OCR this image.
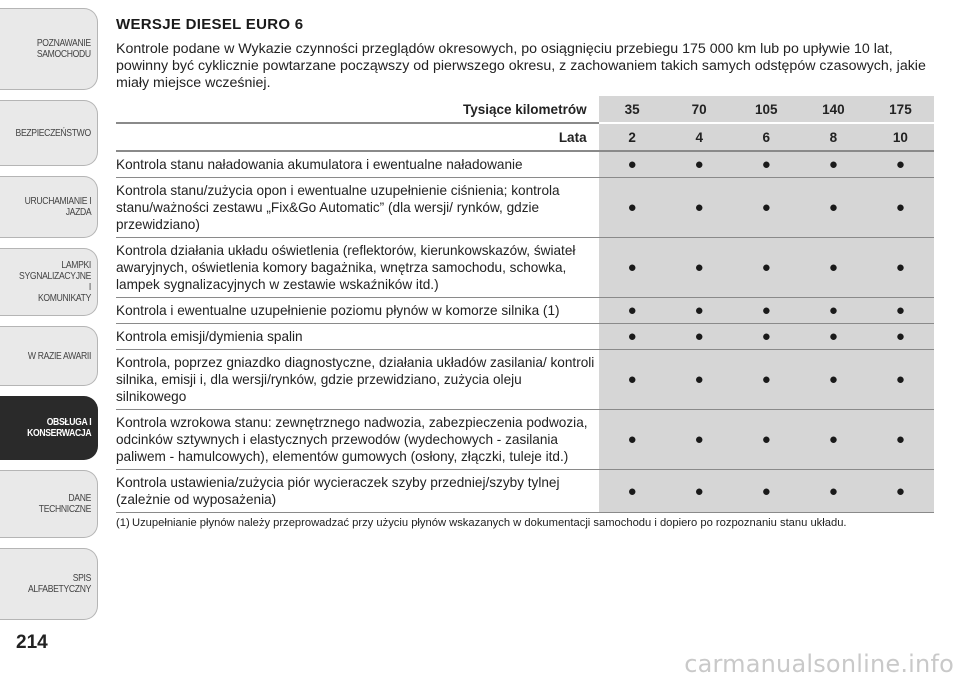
POZNAWANIE
SAMOCHODU
BEZPIECZEŃSTWO
URUCHAMIANIE I
JAZDA
LAMPKI
SYGNALIZACYJNE I
KOMUNIKATY
W RAZIE AWARII
OBSŁUGA I
KONSERWACJA
DANE TECHNICZNE
SPIS ALFABETYCZNY
214
WERSJE DIESEL EURO 6

Kontrole podane w Wykazie czynności przeglądów okresowych, po osiągnięciu przebiegu 175 000 km lub po upływie 10 lat, powinny być cyklicznie powtarzane począwszy od pierwszego okresu, z zachowaniem takich samych odstępów czasowych, jakie miały miejsce wcześniej.

Tysiące kilometrów	35	70	105	140	175
Lata	2	4	6	8	10
Kontrola stanu naładowania akumulatora i ewentualne naładowanie	●	●	●	●	●
Kontrola stanu/zużycia opon i ewentualne uzupełnienie ciśnienia; kontrola stanu/ważności zestawu „Fix&Go Automatic” (dla wersji/ rynków, gdzie przewidziano)	●	●	●	●	●
Kontrola działania układu oświetlenia (reflektorów, kierunkowskazów, świateł awaryjnych, oświetlenia komory bagażnika, wnętrza samochodu, schowka, lampek sygnalizacyjnych w zestawie wskaźników itd.)	●	●	●	●	●
Kontrola i ewentualne uzupełnienie poziomu płynów w komorze silnika (1)	●	●	●	●	●
Kontrola emisji/dymienia spalin	●	●	●	●	●
Kontrola, poprzez gniazdko diagnostyczne, działania układów zasilania/ kontroli silnika, emisji i, dla wersji/rynków, gdzie przewidziano, zużycia oleju silnikowego	●	●	●	●	●
Kontrola wzrokowa stanu: zewnętrznego nadwozia, zabezpieczenia podwozia, odcinków sztywnych i elastycznych przewodów (wydechowych - zasilania paliwem - hamulcowych), elementów gumowych (osłony, złączki, tuleje itd.)	●	●	●	●	●
Kontrola ustawienia/zużycia piór wycieraczek szyby przedniej/szyby tylnej (zależnie od wyposażenia)	●	●	●	●	●
(1) Uzupełnianie płynów należy przeprowadzać przy użyciu płynów wskazanych w dokumentacji samochodu i dopiero po rozpoznaniu stanu układu.
carmanualsonline.info
